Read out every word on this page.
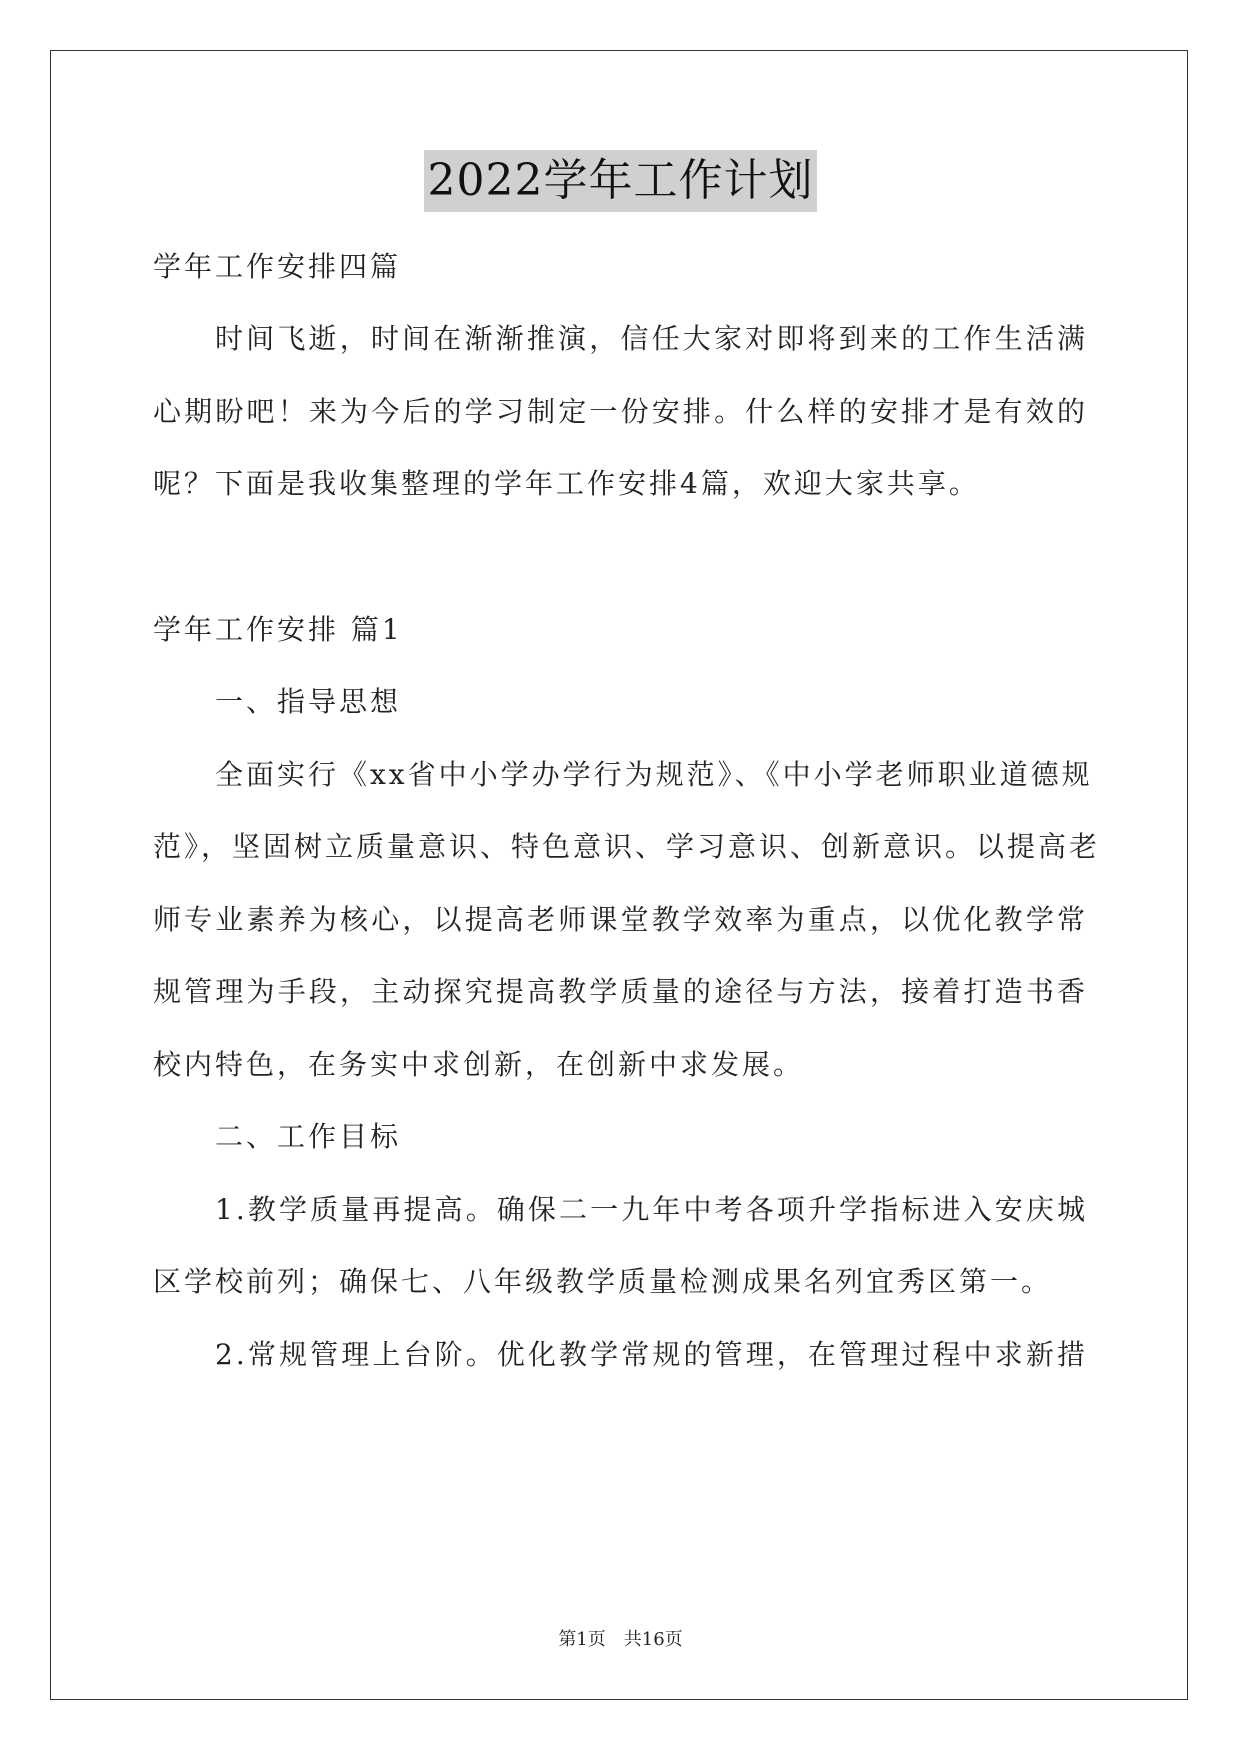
2022学年工作计划
学年工作安排四篇
时间飞逝，时间在渐渐推演，信任大家对即将到来的工作生活满
心期盼吧！来为今后的学习制定一份安排。什么样的安排才是有效的
呢？下面是我收集整理的学年工作安排4篇，欢迎大家共享。
学年工作安排 篇1
一、指导思想
全面实行《xx省中小学办学行为规范》、《中小学老师职业道德规
范》，坚固树立质量意识、特色意识、学习意识、创新意识。以提高老
师专业素养为核心，以提高老师课堂教学效率为重点，以优化教学常
规管理为手段，主动探究提高教学质量的途径与方法，接着打造书香
校内特色，在务实中求创新，在创新中求发展。
二、工作目标
1.教学质量再提高。确保二一九年中考各项升学指标进入安庆城
区学校前列；确保七、八年级教学质量检测成果名列宜秀区第一。
2.常规管理上台阶。优化教学常规的管理，在管理过程中求新措
第1页 共16页
